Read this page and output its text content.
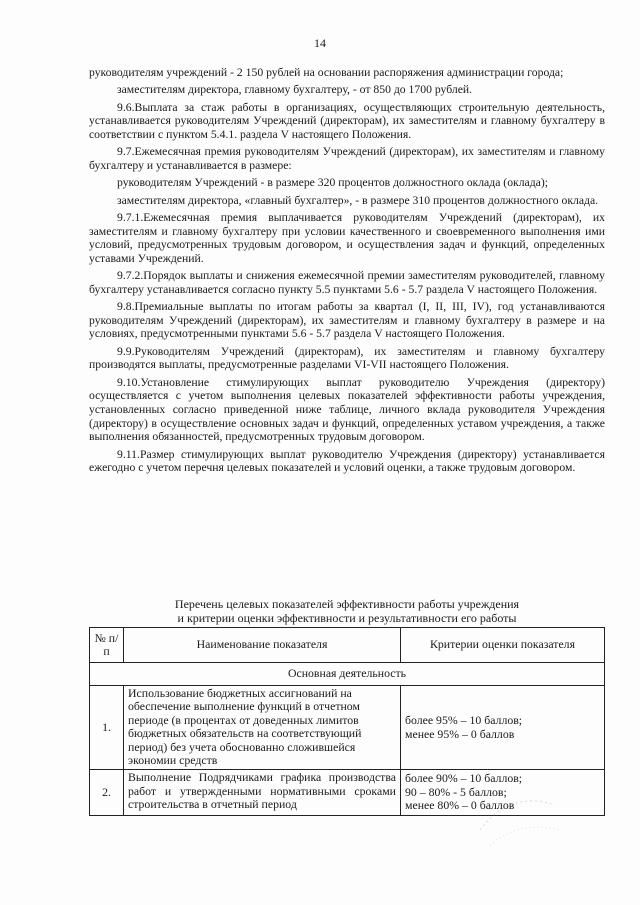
14

руководителям учреждений - 2 150 рублей на основании распоряжения администрации города;

заместителям директора, главному бухгалтеру, - от 850 до 1700 рублей.

9.6.Выплата за стаж работы в организациях, осуществляющих строительную деятельность, устанавливается руководителям Учреждений (директорам), их заместителям и главному бухгалтеру в соответствии с пунктом 5.4.1. раздела V настоящего Положения.

9.7.Ежемесячная премия руководителям Учреждений (директорам), их заместителям и главному бухгалтеру и устанавливается в размере:

руководителям Учреждений - в размере 320 процентов должностного оклада (оклада);

заместителям директора, «главный бухгалтер», - в размере 310 процентов должностного оклада.

9.7.1.Ежемесячная премия выплачивается руководителям Учреждений (директорам), их заместителям и главному бухгалтеру при условии качественного и своевременного выполнения ими условий, предусмотренных трудовым договором, и осуществления задач и функций, определенных уставами Учреждений.

9.7.2.Порядок выплаты и снижения ежемесячной премии заместителям руководителей, главному бухгалтеру устанавливается согласно пункту 5.5 пунктами 5.6 - 5.7 раздела V настоящего Положения.

9.8.Премиальные выплаты по итогам работы за квартал (I, II, III, IV), год устанавливаются руководителям Учреждений (директорам), их заместителям и главному бухгалтеру в размере и на условиях, предусмотренными пунктами 5.6 - 5.7 раздела V настоящего Положения.

9.9.Руководителям Учреждений (директорам), их заместителям и главному бухгалтеру производятся выплаты, предусмотренные разделами VI-VII настоящего Положения.

9.10.Установление стимулирующих выплат руководителю Учреждения (директору) осуществляется с учетом выполнения целевых показателей эффективности работы учреждения, установленных согласно приведенной ниже таблице, личного вклада руководителя Учреждения (директору) в осуществление основных задач и функций, определенных уставом учреждения, а также выполнения обязанностей, предусмотренных трудовым договором.

9.11.Размер стимулирующих выплат руководителю Учреждения (директору) устанавливается ежегодно с учетом перечня целевых показателей и условий оценки, а также трудовым договором.

Перечень целевых показателей эффективности работы учреждения
и критерии оценки эффективности и результативности его работы
№ п/п	Наименование показателя	Критерии оценки показателя
Основная деятельность		
1.	Использование бюджетных ассигнований на обеспечение выполнение функций в отчетном периоде (в процентах от доведенных лимитов бюджетных обязательств на соответствующий период) без учета обоснованно сложившейся экономии средств	более 95% – 10 баллов;
менее 95% – 0 баллов

2.	Выполнение Подрядчиками графика производства работ и утвержденными нормативными сроками строительства в отчетный период	более 90% – 10 баллов;
90 – 80% - 5 баллов;
менее 80% – 0 баллов
